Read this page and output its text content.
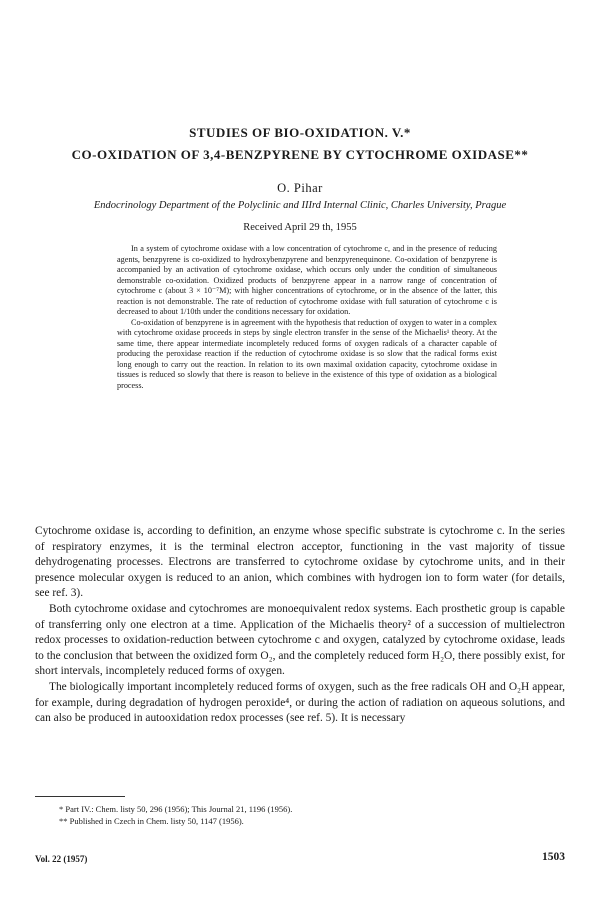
STUDIES OF BIO-OXIDATION. V.*
CO-OXIDATION OF 3,4-BENZPYRENE BY CYTOCHROME OXIDASE**
O. Pihar
Endocrinology Department of the Polyclinic and IIIrd Internal Clinic, Charles University, Prague
Received April 29 th, 1955

In a system of cytochrome oxidase with a low concentration of cytochrome c, and in the presence of reducing agents, benzpyrene is co-oxidized to hydroxybenzpyrene and benzpyrenequinone. Co-oxidation of benzpyrene is accompanied by an activation of cytochrome oxidase, which occurs only under the condition of simultaneous demonstrable co-oxidation. Oxidized products of benzpyrene appear in a narrow range of concentration of cytochrome c (about 3 × 10⁻⁷M); with higher concentrations of cytochrome, or in the absence of the latter, this reaction is not demonstrable. The rate of reduction of cytochrome oxidase with full saturation of cytochrome c is decreased to about 1/10th under the conditions necessary for oxidation.

Co-oxidation of benzpyrene is in agreement with the hypothesis that reduction of oxygen to water in a complex with cytochrome oxidase proceeds in steps by single electron transfer in the sense of the Michaelis¹ theory. At the same time, there appear intermediate incompletely reduced forms of oxygen radicals of a character capable of producing the peroxidase reaction if the reduction of cytochrome oxidase is so slow that the radical forms exist long enough to carry out the reaction. In relation to its own maximal oxidation capacity, cytochrome oxidase in tissues is reduced so slowly that there is reason to believe in the existence of this type of oxidation as a biological process.

Cytochrome oxidase is, according to definition, an enzyme whose specific substrate is cytochrome c. In the series of respiratory enzymes, it is the terminal electron acceptor, functioning in the vast majority of tissue dehydrogenating processes. Electrons are transferred to cytochrome oxidase by cytochrome units, and in their presence molecular oxygen is reduced to an anion, which combines with hydrogen ion to form water (for details, see ref. 3).

Both cytochrome oxidase and cytochromes are monoequivalent redox systems. Each prosthetic group is capable of transferring only one electron at a time. Application of the Michaelis theory² of a succession of multielectron redox processes to oxidation-reduction between cytochrome c and oxygen, catalyzed by cytochrome oxidase, leads to the conclusion that between the oxidized form O₂, and the completely reduced form H₂O, there possibly exist, for short intervals, incompletely reduced forms of oxygen.

The biologically important incompletely reduced forms of oxygen, such as the free radicals OH and O₂H appear, for example, during degradation of hydrogen peroxide⁴, or during the action of radiation on aqueous solutions, and can also be produced in autooxidation redox processes (see ref. 5). It is necessary

* Part IV.: Chem. listy 50, 296 (1956); This Journal 21, 1196 (1956).
** Published in Czech in Chem. listy 50, 1147 (1956).
Vol. 22 (1957)	1503
